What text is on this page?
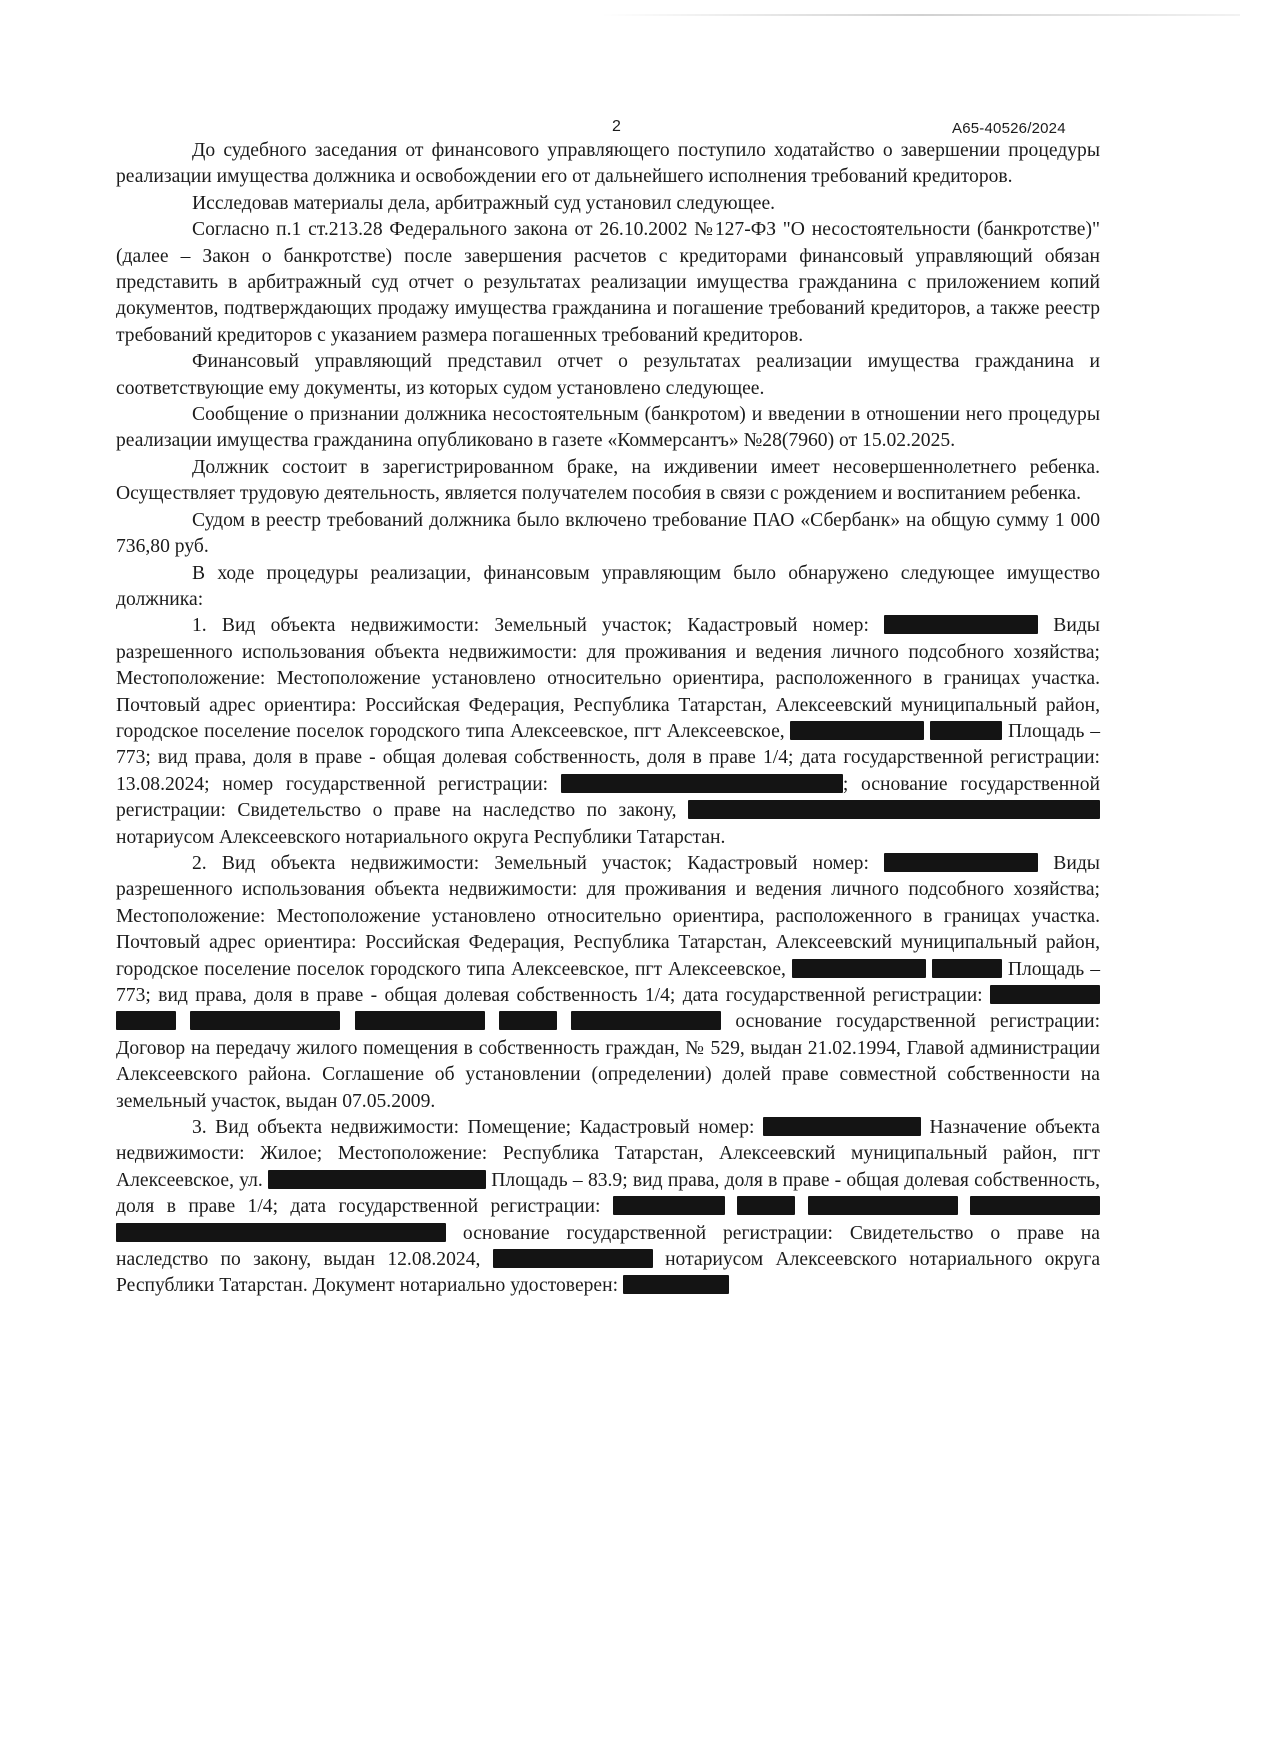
2	А65-40526/2024

До судебного заседания от финансового управляющего поступило ходатайство о завершении процедуры реализации имущества должника и освобождении его от дальнейшего исполнения требований кредиторов.

Исследовав материалы дела, арбитражный суд установил следующее.

Согласно п.1 ст.213.28 Федерального закона от 26.10.2002 №127-ФЗ "О несостоятельности (банкротстве)" (далее – Закон о банкротстве) после завершения расчетов с кредиторами финансовый управляющий обязан представить в арбитражный суд отчет о результатах реализации имущества гражданина с приложением копий документов, подтверждающих продажу имущества гражданина и погашение требований кредиторов, а также реестр требований кредиторов с указанием размера погашенных требований кредиторов.

Финансовый управляющий представил отчет о результатах реализации имущества гражданина и соответствующие ему документы, из которых судом установлено следующее.

Сообщение о признании должника несостоятельным (банкротом) и введении в отношении него процедуры реализации имущества гражданина опубликовано в газете «Коммерсантъ» №28(7960) от 15.02.2025.

Должник состоит в зарегистрированном браке, на иждивении имеет несовершеннолетнего ребенка. Осуществляет трудовую деятельность, является получателем пособия в связи с рождением и воспитанием ребенка.

Судом в реестр требований должника было включено требование ПАО «Сбербанк» на общую сумму 1 000 736,80 руб.

В ходе процедуры реализации, финансовым управляющим было обнаружено следующее имущество должника:

1. Вид объекта недвижимости: Земельный участок; Кадастровый номер:	Виды разрешенного использования объекта недвижимости: для проживания и ведения личного подсобного хозяйства; Местоположение: Местоположение установлено относительно ориентира, расположенного в границах участка. Почтовый адрес ориентира: Российская Федерация, Республика Татарстан, Алексеевский муниципальный район, городское поселение поселок городского типа Алексеевское, пгт Алексеевское,	Площадь – 773; вид права, доля в праве - общая долевая собственность, доля в праве 1/4; дата государственной регистрации: 13.08.2024; номер государственной регистрации:	; основание государственной регистрации: Свидетельство о праве на наследство по закону,  нотариусом Алексеевского нотариального округа Республики Татарстан.

2. Вид объекта недвижимости: Земельный участок; Кадастровый номер:	Виды разрешенного использования объекта недвижимости: для проживания и ведения личного подсобного хозяйства; Местоположение: Местоположение установлено относительно ориентира, расположенного в границах участка. Почтовый адрес ориентира: Российская Федерация, Республика Татарстан, Алексеевский муниципальный район, городское поселение поселок городского типа Алексеевское, пгт Алексеевское,	Площадь – 773; вид права, доля в праве - общая долевая собственность 1/4; дата государственной регистрации:       основание государственной регистрации: Договор на передачу жилого помещения в собственность граждан, № 529, выдан 21.02.1994, Главой администрации Алексеевского района. Соглашение об установлении (определении) долей праве совместной собственности на земельный участок, выдан 07.05.2009.

3. Вид объекта недвижимости: Помещение; Кадастровый номер:	Назначение объекта недвижимости: Жилое; Местоположение: Республика Татарстан, Алексеевский муниципальный район, пгт Алексеевское, ул.	Площадь – 83.9; вид права, доля в праве - общая долевая собственность, доля в праве 1/4; дата государственной регистрации:      основание государственной регистрации: Свидетельство о праве на наследство по закону, выдан 12.08.2024,	нотариусом Алексеевского нотариального округа Республики Татарстан. Документ нотариально удостоверен:
